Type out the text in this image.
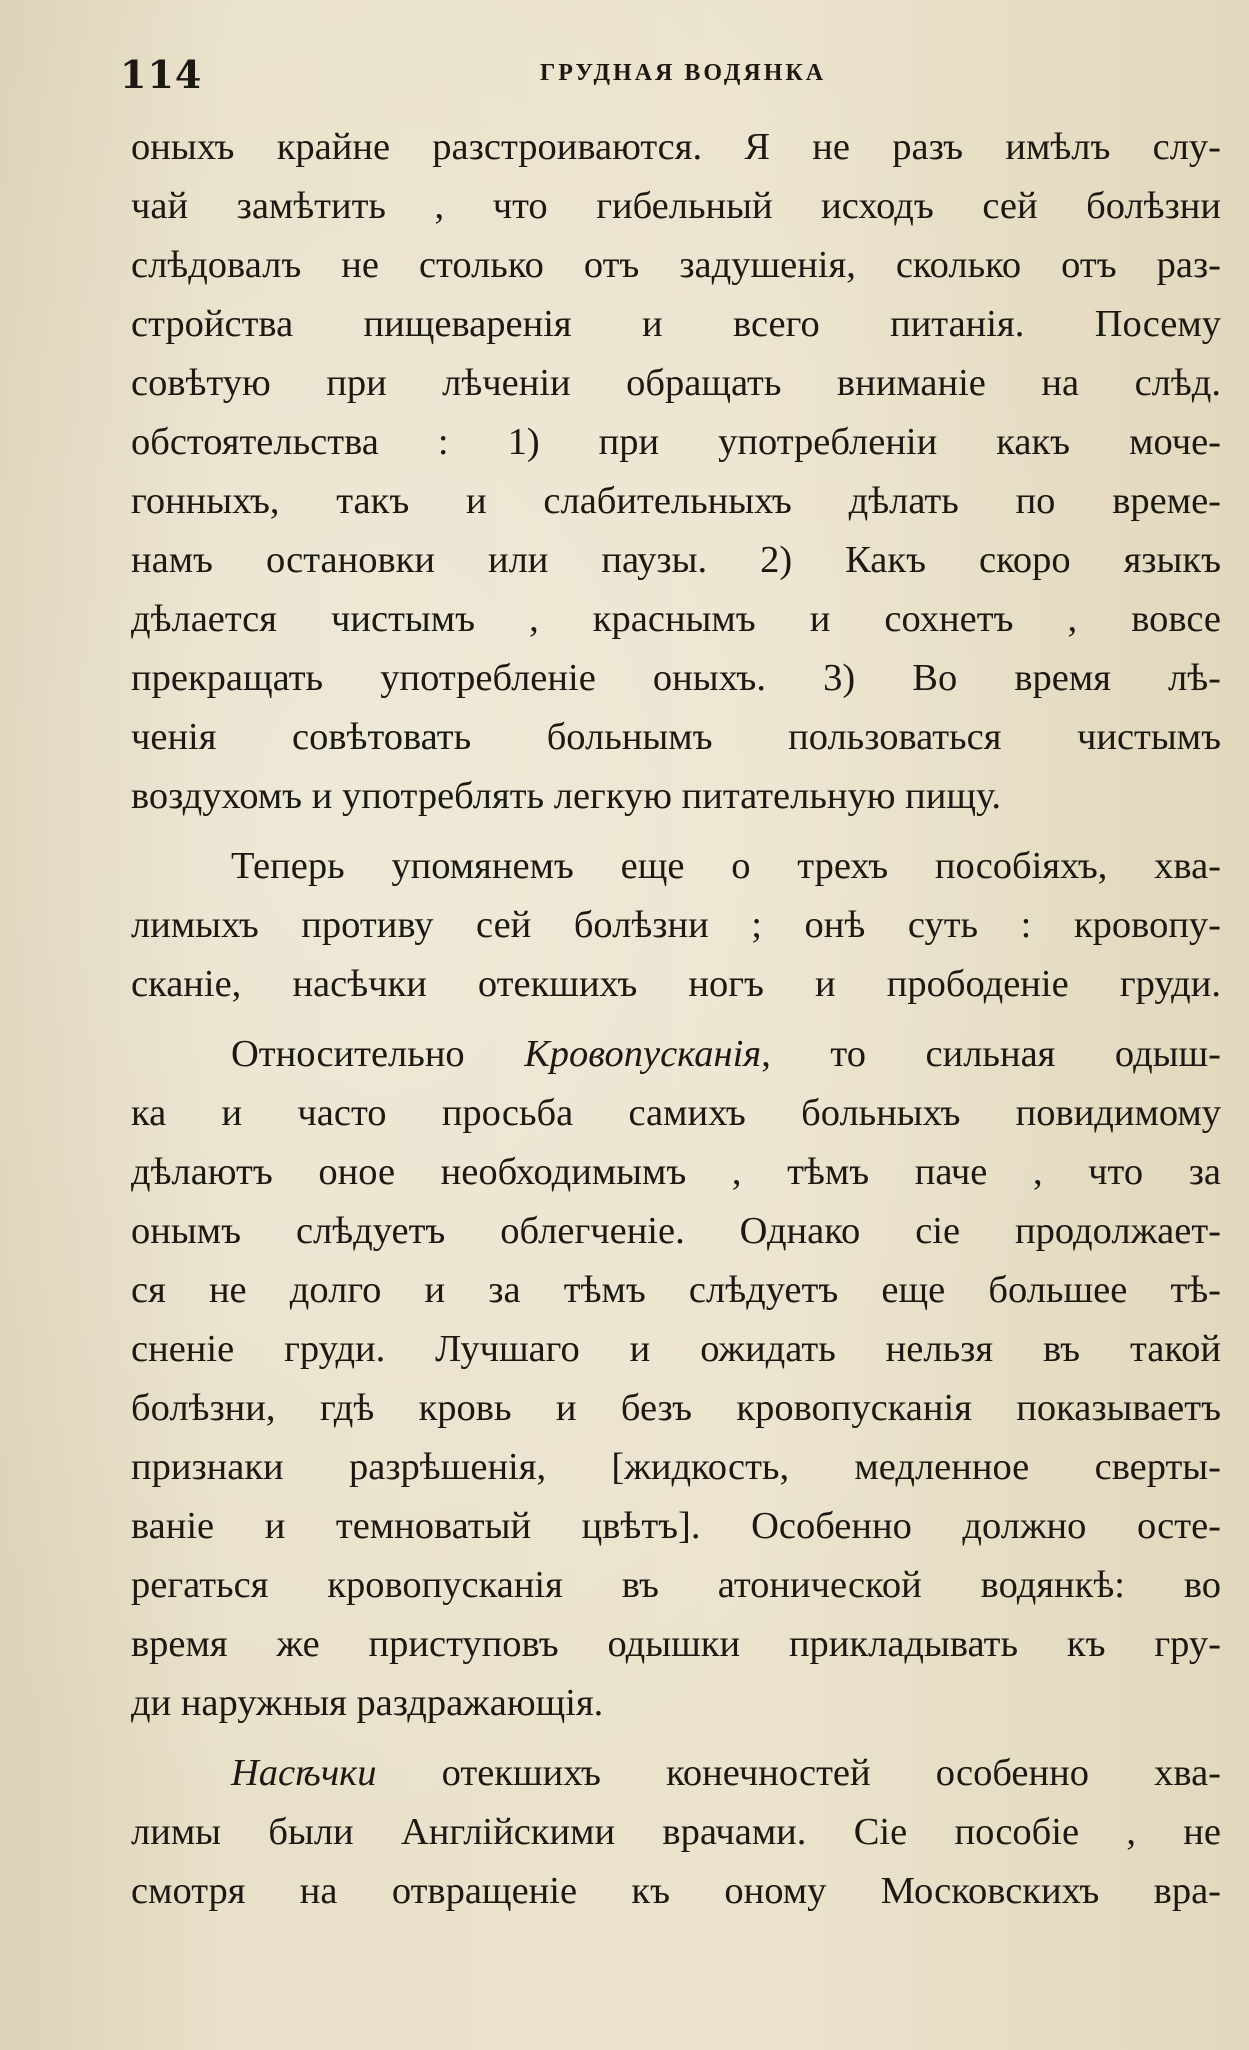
114	ГРУДНАЯ ВОДЯНКА

оныхъ крайне разстроиваются. Я не разъ имѣлъ слу-
чай замѣтить , что гибельный исходъ сей болѣзни
слѣдовалъ не столько отъ задушенія, сколько отъ раз-
стройства пищеваренія и всего питанія. Посему
совѣтую при лѣченіи обращать вниманіе на слѣд.
обстоятельства : 1) при употребленіи какъ моче-
гонныхъ, такъ и слабительныхъ дѣлать по време-
намъ остановки или паузы. 2) Какъ скоро языкъ
дѣлается чистымъ , краснымъ и сохнетъ , вовсе
прекращать употребленіе оныхъ. 3) Во время лѣ-
ченія совѣтовать больнымъ пользоваться чистымъ
воздухомъ и употреблять легкую питательную пищу.

Теперь упомянемъ еще о трехъ пособіяхъ, хва-
лимыхъ противу сей болѣзни ; онѣ суть : кровопу-
сканіе, насѣчки отекшихъ ногъ и прободеніе груди.

Относительно Кровопусканія, то сильная одыш-
ка и часто просьба самихъ больныхъ повидимому
дѣлаютъ оное необходимымъ , тѣмъ паче , что за
онымъ слѣдуетъ облегченіе. Однако сіе продолжает-
ся не долго и за тѣмъ слѣдуетъ еще большее тѣ-
сненіе груди. Лучшаго и ожидать нельзя въ такой
болѣзни, гдѣ кровь и безъ кровопусканія показываетъ
признаки разрѣшенія, [жидкость, медленное сверты-
ваніе и темноватый цвѣтъ]. Особенно должно осте-
регаться кровопусканія въ атонической водянкѣ: во
время же приступовъ одышки прикладывать къ гру-
ди наружныя раздражающія.

Насѣчки отекшихъ конечностей особенно хва-
лимы были Англійскими врачами. Сіе пособіе , не
смотря на отвращеніе къ оному Московскихъ вра-
